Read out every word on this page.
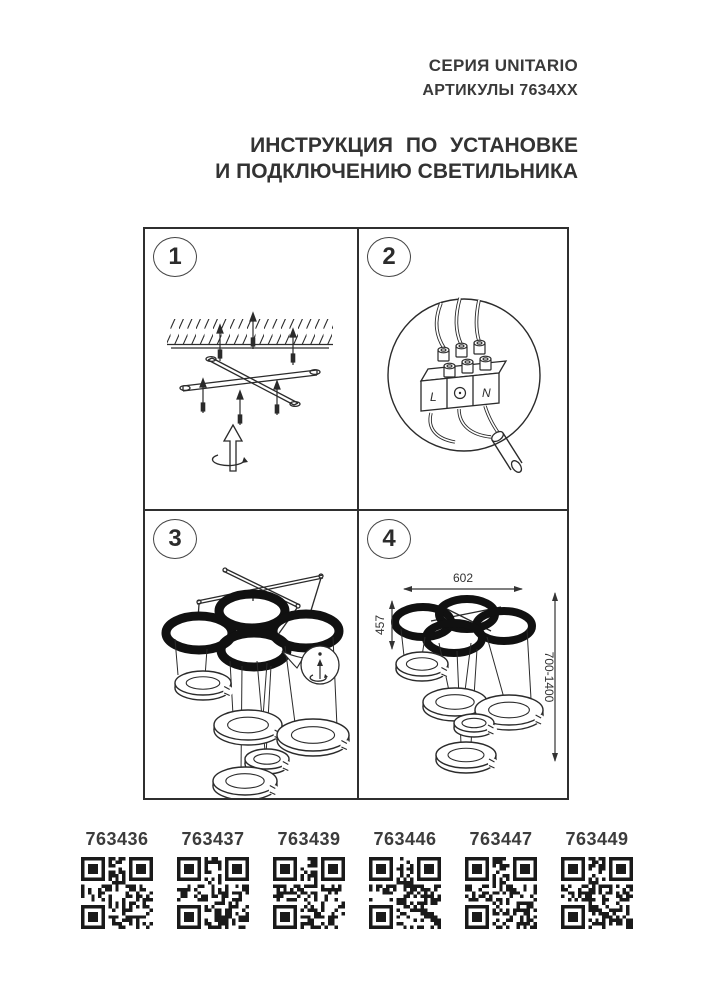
СЕРИЯ UNITARIO
АРТИКУЛЫ 7634XX
ИНСТРУКЦИЯ ПО УСТАНОВКЕ
И ПОДКЛЮЧЕНИЮ СВЕТИЛЬНИКА
1	2
L	N
3	4
602
457
700-1400
763436	763437	763439	763446	763447	763449
